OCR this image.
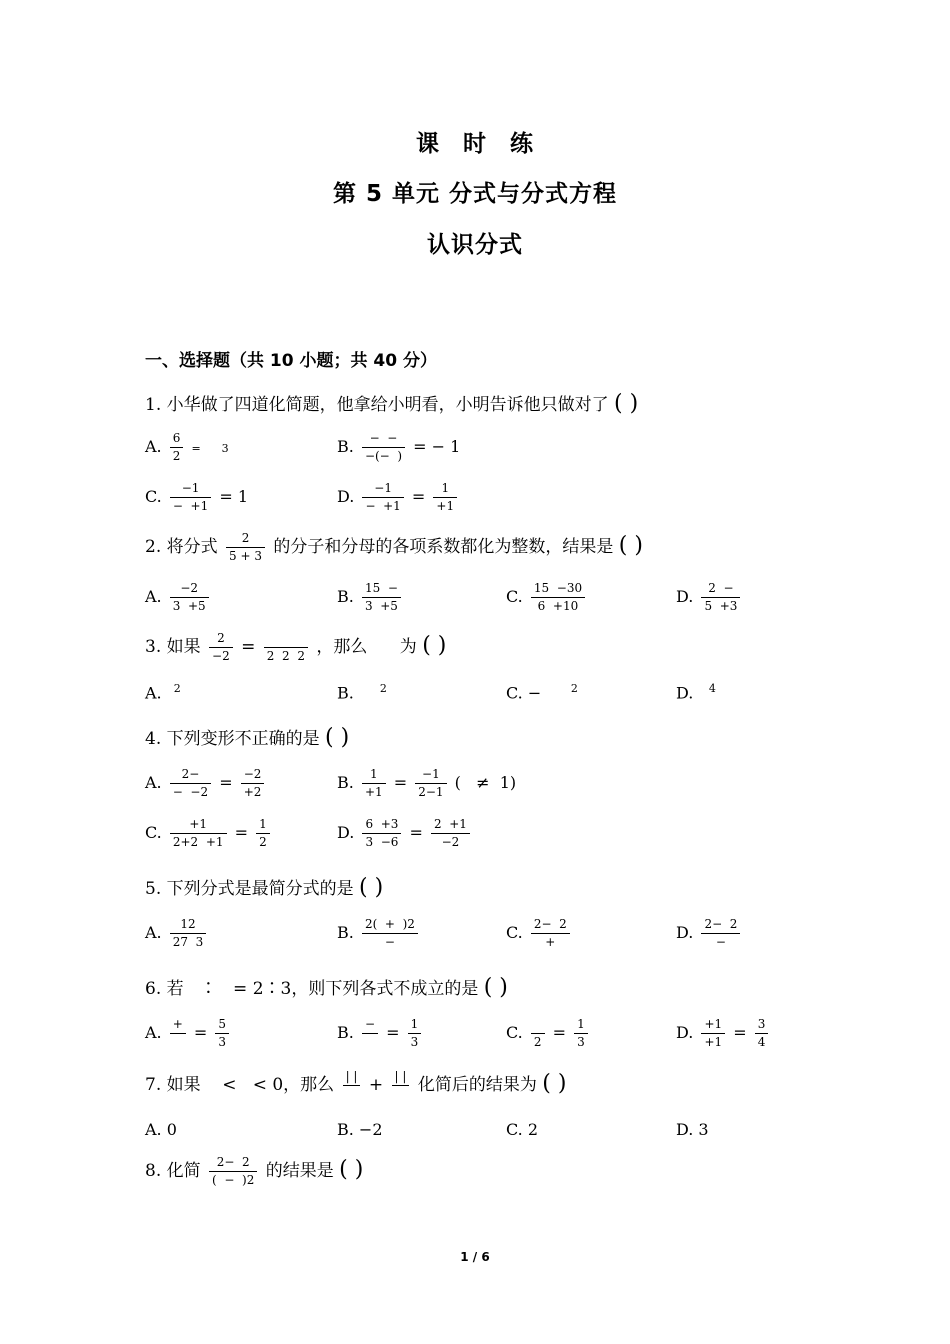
课 时 练
第 5 单元 分式与分式方程
认识分式
一、选择题（共 10 小题；共 40 分）
1. 小华做了四道化简题，他拿给小明看，小明告诉他只做对了 ( )
A. $\frac{6}{2}$ =      3	B. $\frac{- -}{-(- )}$ = − 1
C. $\frac{-1}{- +1} = 1$	D. $\frac{-1}{- +1} = \frac{1}{+1}$
2. 将分式 $\frac{2}{5 + 3}$ 的分子和分母的各项系数都化为整数，结果是 ( )
A. $\frac{-2}{3 +5}$	B. $\frac{15 -}{3 +5}$	C. $\frac{15 -30}{6 +10}$	D. $\frac{2 -}{5 +3}$
3. 如果 $\frac{2}{-2} = 2$  2  2 ，那么      为 ( )
A.   $^2$	B.       $^2$	C. −        $^2$	D.    $^4$
4. 下列变形不正确的是 ( )
A. $\frac{2-}{- -2} = \frac{-2}{+2}$	B. $\frac{1}{+1} = \frac{-1}{2-1}$ (   ≠  1)
C. $\frac{+1}{2+2 +1} = \frac{1}{2}$	D. $\frac{6 +3}{3 -6} = \frac{2 +1}{-2}$
5. 下列分式是最简分式的是 ( )
A. $\frac{12}{27 3}$	B. $\frac{2( + )2}{-}$	C. $\frac{2- 2}{+}$	D. $\frac{2- 2}{-}$
6. 若   ∶   = 2∶3，则下列各式不成立的是 ( )
A. + = $\frac{5}{3}$	B. − = $\frac{1}{3}$	C. $2 = \frac{1}{3}$	D. $\frac{+1}{+1} = \frac{3}{4}$
7. 如果    <   < 0，那么 | | + | | 化简后的结果为 ( )
A. 0	B. −2	C. 2	D. 3
8. 化简 $\frac{2- 2}{( - )2}$ 的结果是 ( )
1 / 6
